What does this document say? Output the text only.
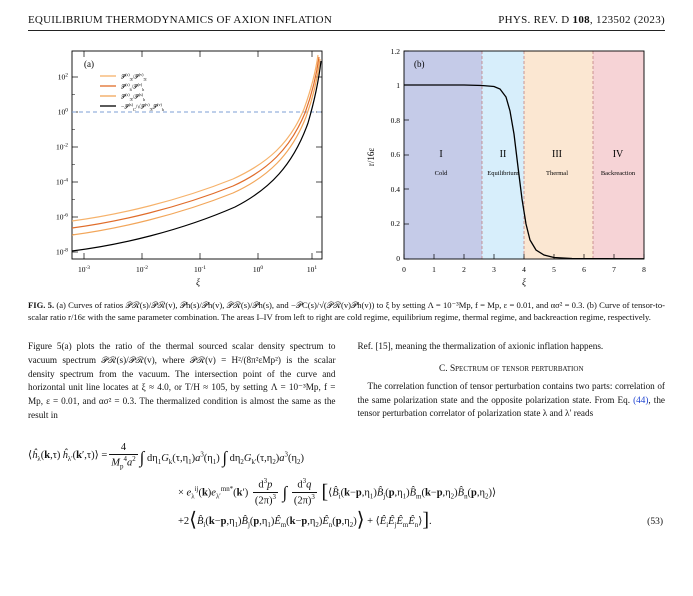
EQUILIBRIUM THERMODYNAMICS OF AXION INFLATION	PHYS. REV. D 108, 123502 (2023)
(a)
$10^2$
$10^0$
$10^{-2}$
$10^{-4}$
$10^{-6}$
$10^{-8}$
$10^{-3}$	$10^{-2}$	$10^{-1}$	$10^0$	$10^1$
ξ
𝒫$^{(s)}_ℛ$/𝒫$^{(v)}_ℛ$
𝒫$^{(s)}_h$/𝒫$^{(v)}_h$
𝒫$^{(s)}_ℛ$/𝒫$^{(s)}_h$
−𝒫$^{(s)}_C$/√𝒫$^{(v)}_ℛ$𝒫$^{(v)}_h$
I	II	III	IV
Cold	Equilibrium	Thermal	Backreaction
0
0.2
0.4
0.6
0.8
1
1.2
r/16ε
0	1	2	3	4	5	6	7	8
ξ
(b)
FIG. 5. (a) Curves of ratios 𝒫ℛ(s)/𝒫ℛ(v), 𝒫h(s)/𝒫h(v), 𝒫ℛ(s)/𝒫h(s), and −𝒫C(s)/√(𝒫ℛ(v)𝒫h(v)) to ξ by setting Λ = 10⁻³Mp, f = Mp, ε = 0.01, and ασ² = 0.3. (b) Curve of tensor-to-scalar ratio r/16ε with the same parameter combination. The areas I–IV from left to right are cold regime, equilibrium regime, thermal regime, and backreaction regime, respectively.

Figure 5(a) plots the ratio of the thermal sourced scalar density spectrum to vacuum spectrum 𝒫ℛ(s)/𝒫ℛ(v), where 𝒫ℛ(v) = H²/(8π²εMp²) is the scalar density spectrum from the vacuum. The intersection point of the curve and horizontal unit line locates at ξ ≈ 4.0, or T/H ≈ 105, by setting Λ = 10⁻³Mp, f = Mp, ε = 0.01, and ασ² = 0.3. The thermalized condition is almost the same as the result in

Ref. [15], meaning the thermalization of axionic inflation happens.

C. Spectrum of tensor perturbation

The correlation function of tensor perturbation contains two parts: correlation of the same polarization state and the opposite polarization state. From Eq. (44), the tensor perturbation correlator of polarization state λ and λ′ reads

$⟨ĥ_\lambda(k,\tau)$ $ĥ_{\lambda'}(k',\tau)⟩ = \frac{4}{M_p^4a^2}$ ∫ $d\eta_1G_k(\tau,\eta_1)a^3(\eta_1)$ ∫ $d\eta_2G_{k'}(\tau,\eta_2)a^3(\eta_2)$
× $e_\lambda^{ij}(k)e_{\lambda'}^{mn*}(k') \frac{d^3p}{(2\pi)^3}$ ∫ $\frac{d^3q}{(2\pi)^3}$ [$⟨B̂_i(k-p,\eta_1)B̂_j(p,\eta_1)B̂_m(k-p,\eta_2)B̂_n(p,\eta_2)⟩$
$+2⟨B̂_i(k-p,\eta_1)B̂_j(p,\eta_1)Ê_m(k-p,\eta_2)Ê_n(p,\eta_2)⟩$ + $⟨Ê_iÊ_jÊ_mÊ_n⟩$].	(53)
